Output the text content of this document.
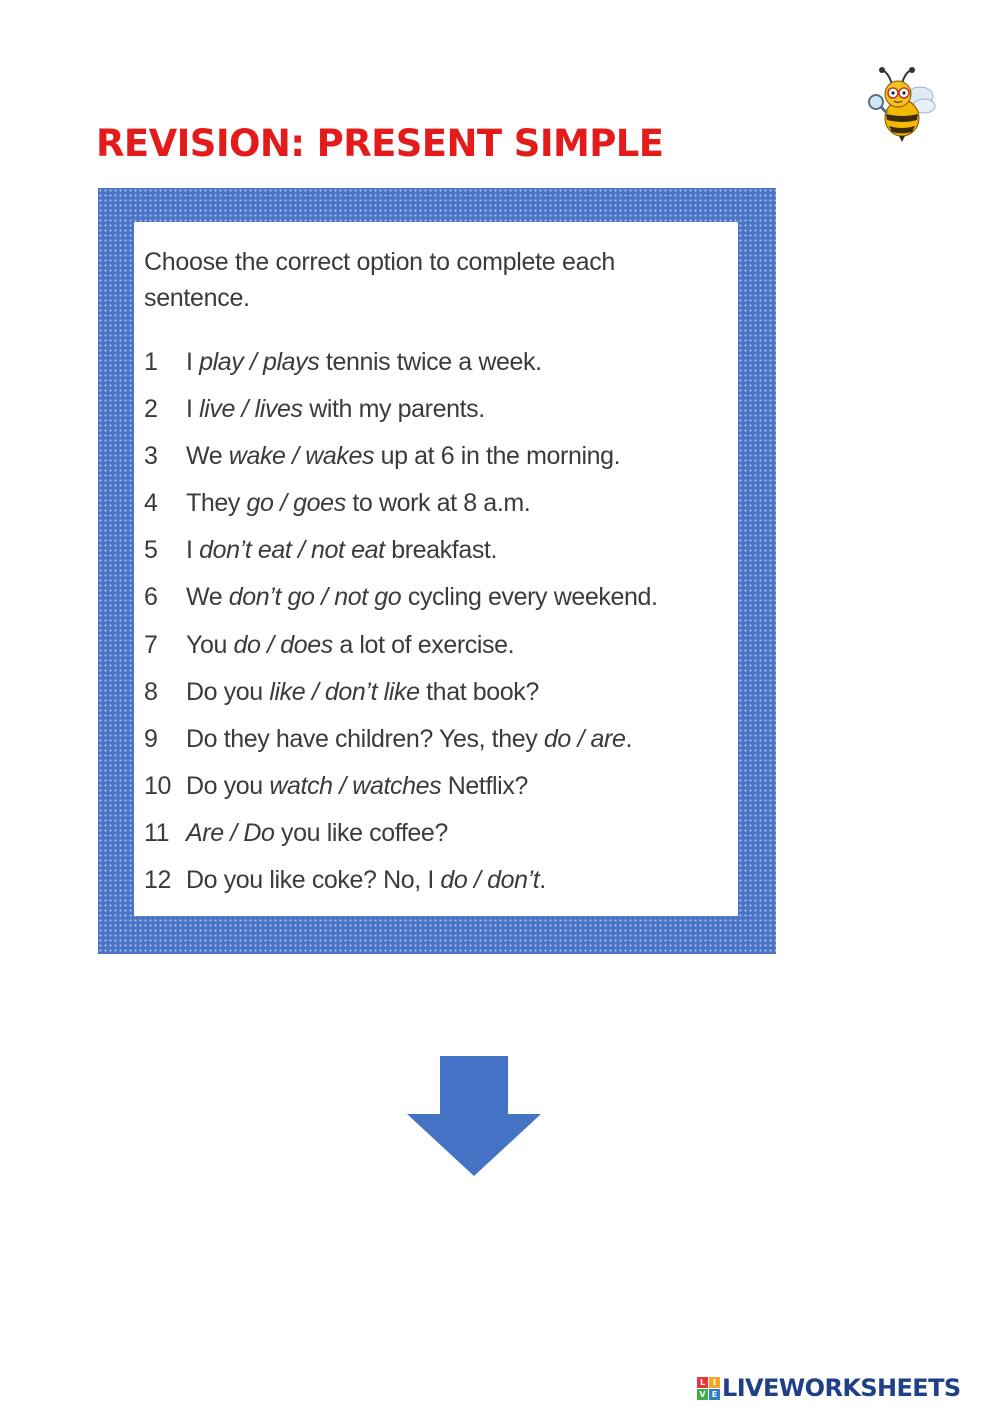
REVISION: PRESENT SIMPLE

Choose the correct option to complete each sentence.

1	I play / plays tennis twice a week.
2	I live / lives with my parents.
3	We wake / wakes up at 6 in the morning.
4	They go / goes to work at 8 a.m.
5	I don’t eat / not eat breakfast.
6	We don’t go / not go cycling every weekend.
7	You do / does a lot of exercise.
8	Do you like / don’t like that book?
9	Do they have children? Yes, they do / are.
10 Do you watch / watches Netflix?
11 Are / Do you like coffee?
12 Do you like coke? No, I do / don’t.
L I
V E LIVEWORKSHEETS
